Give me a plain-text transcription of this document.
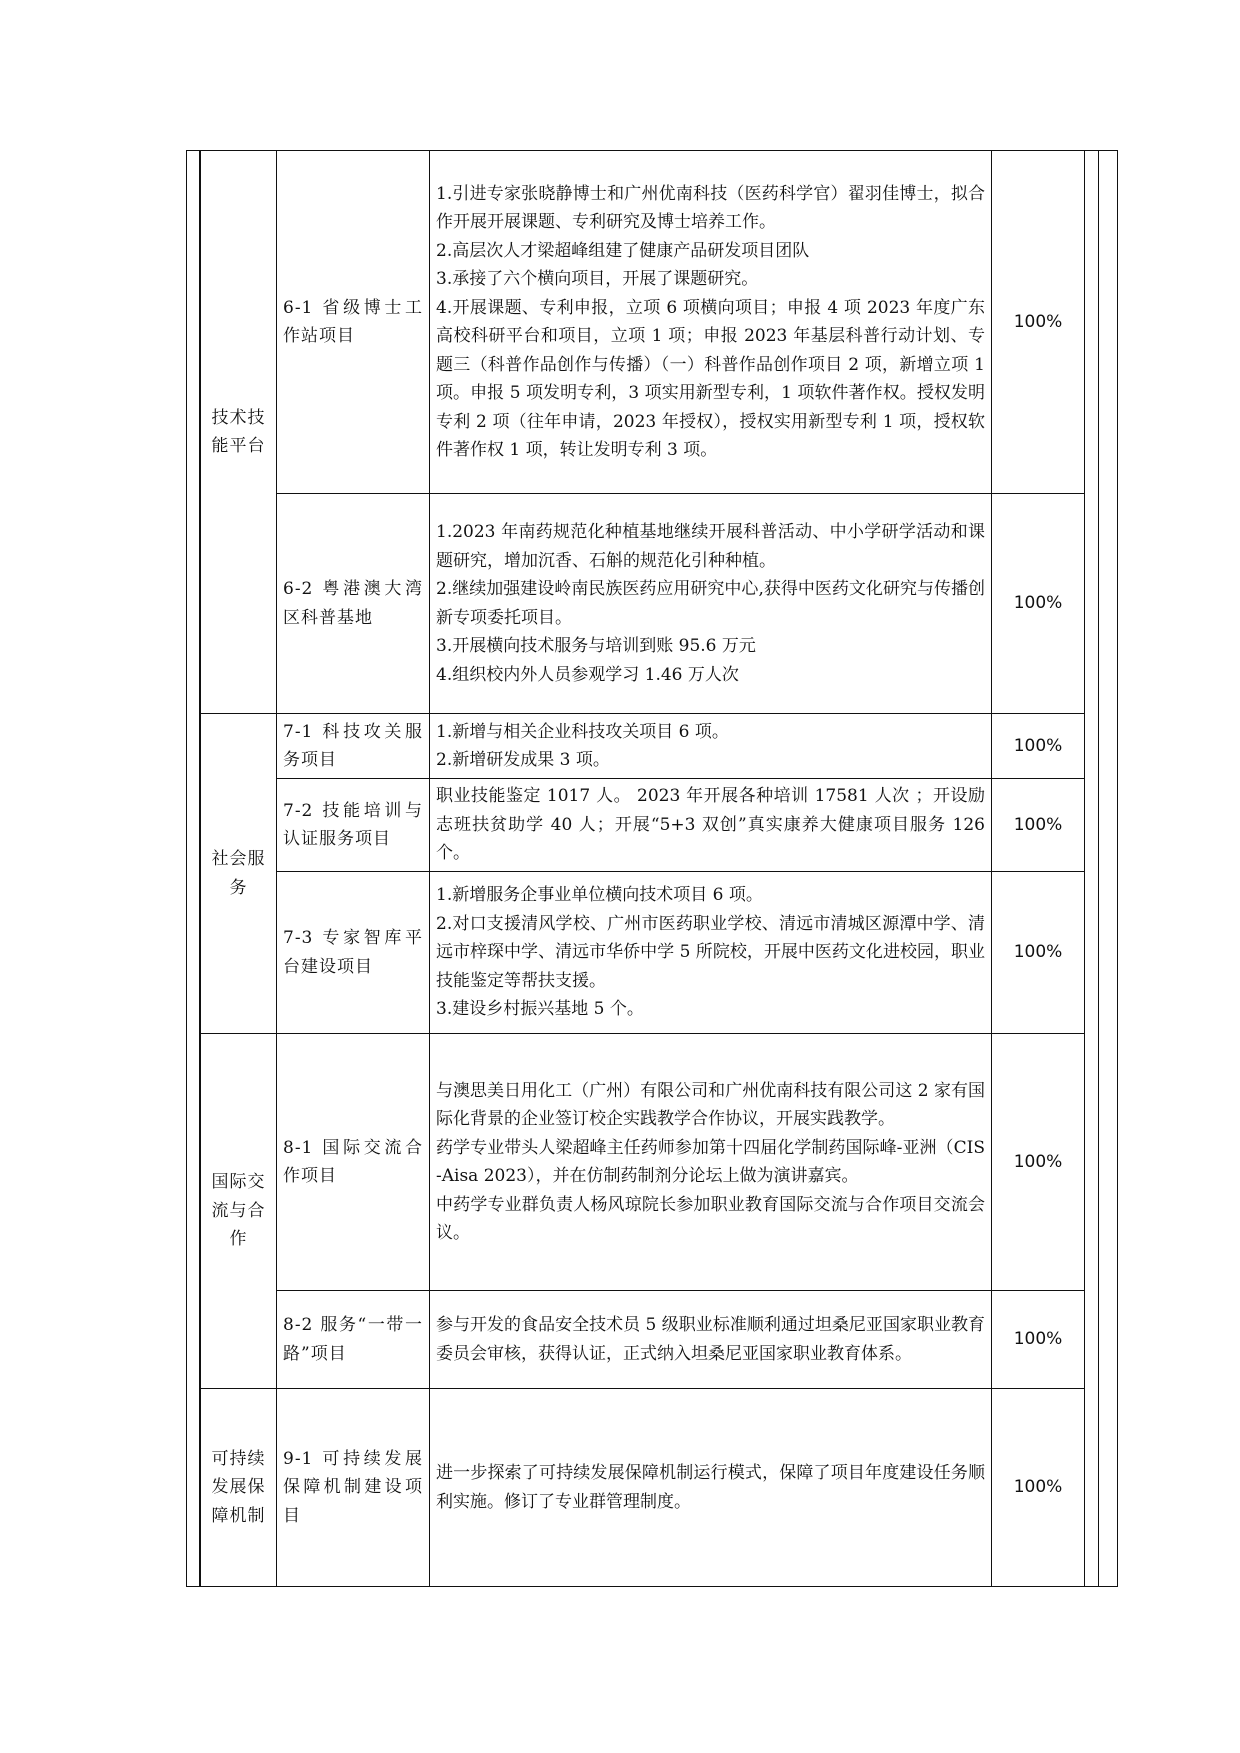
技术技能平台	6-1 省级博士工作站项目	1.引进专家张晓静博士和广州优南科技（医药科学官）翟羽佳博士，拟合作开展开展课题、专利研究及博士培养工作。
2.高层次人才梁超峰组建了健康产品研发项目团队
3.承接了六个横向项目，开展了课题研究。
4.开展课题、专利申报，立项 6 项横向项目；申报 4 项 2023 年度广东高校科研平台和项目，立项 1 项；申报 2023 年基层科普行动计划、专题三（科普作品创作与传播）（一）科普作品创作项目 2 项，新增立项 1 项。申报 5 项发明专利，3 项实用新型专利，1 项软件著作权。授权发明专利 2 项（往年申请，2023 年授权），授权实用新型专利 1 项，授权软件著作权 1 项，转让发明专利 3 项。	100%
	6-2 粤港澳大湾区科普基地	1.2023 年南药规范化种植基地继续开展科普活动、中小学研学活动和课题研究，增加沉香、石斛的规范化引种种植。
2.继续加强建设岭南民族医药应用研究中心,获得中医药文化研究与传播创新专项委托项目。
3.开展横向技术服务与培训到账 95.6 万元
4.组织校内外人员参观学习 1.46 万人次	100%
社会服务	7-1 科技攻关服务项目	1.新增与相关企业科技攻关项目 6 项。
2.新增研发成果 3 项。	100%
	7-2 技能培训与认证服务项目	职业技能鉴定 1017 人。 2023 年开展各种培训 17581 人次 ；开设励志班扶贫助学 40 人；开展“5+3 双创”真实康养大健康项目服务 126 个。	100%
	7-3 专家智库平台建设项目	1.新增服务企事业单位横向技术项目 6 项。
2.对口支援清风学校、广州市医药职业学校、清远市清城区源潭中学、清远市梓琛中学、清远市华侨中学 5 所院校，开展中医药文化进校园，职业技能鉴定等帮扶支援。
3.建设乡村振兴基地 5 个。	100%
国际交流与合作	8-1 国际交流合作项目	与澳思美日用化工（广州）有限公司和广州优南科技有限公司这 2 家有国际化背景的企业签订校企实践教学合作协议，开展实践教学。
药学专业带头人梁超峰主任药师参加第十四届化学制药国际峰-亚洲（CIS-Aisa 2023），并在仿制药制剂分论坛上做为演讲嘉宾。
中药学专业群负责人杨风琼院长参加职业教育国际交流与合作项目交流会议。	100%
	8-2 服务“一带一路”项目	参与开发的食品安全技术员 5 级职业标准顺利通过坦桑尼亚国家职业教育委员会审核，获得认证，正式纳入坦桑尼亚国家职业教育体系。	100%
可持续发展保障机制	9-1 可持续发展保障机制建设项目	进一步探索了可持续发展保障机制运行模式，保障了项目年度建设任务顺利实施。修订了专业群管理制度。	100%
